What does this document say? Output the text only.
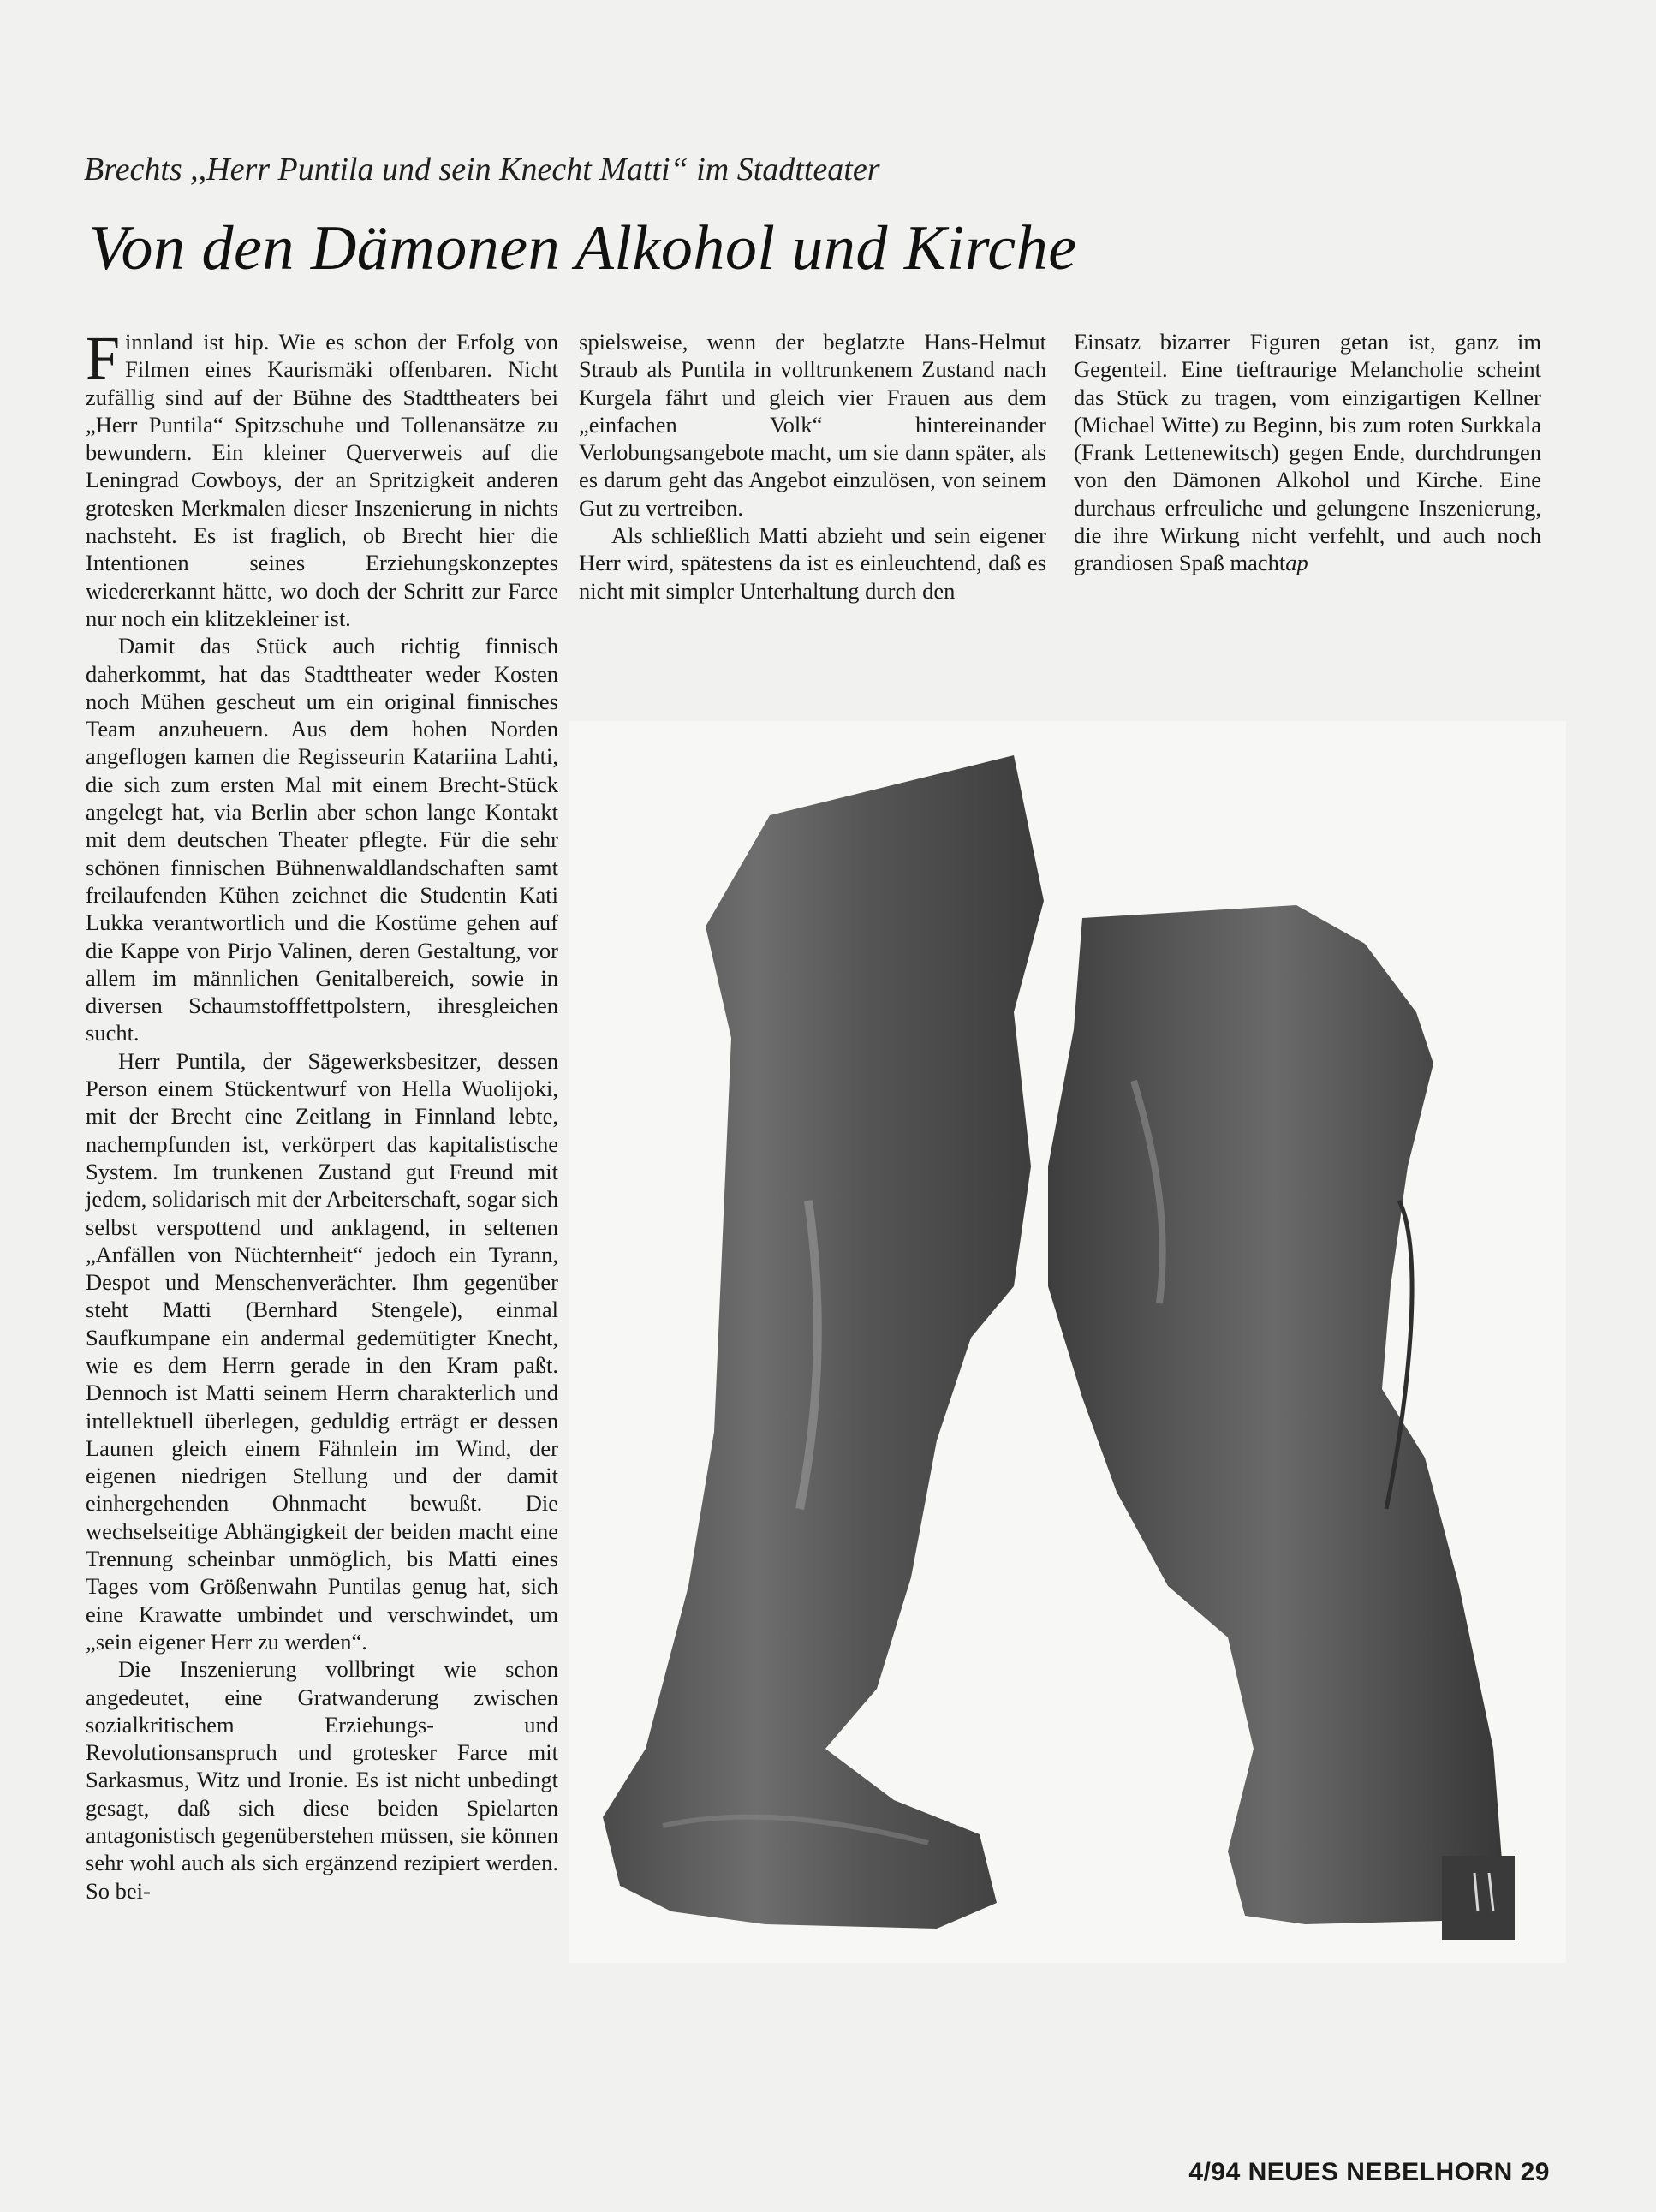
Brechts ,,Herr Puntila und sein Knecht Matti“ im Stadtteater
Von den Dämonen Alkohol und Kirche

Finnland ist hip. Wie es schon der Erfolg von Filmen eines Kaurismäki offenbaren. Nicht zufällig sind auf der Bühne des Stadttheaters bei „Herr Puntila“ Spitzschuhe und Tollenansätze zu bewundern. Ein kleiner Querverweis auf die Leningrad Cowboys, der an Spritzigkeit anderen grotesken Merkmalen dieser Inszenierung in nichts nachsteht. Es ist fraglich, ob Brecht hier die Intentionen seines Erziehungskonzeptes wiedererkannt hätte, wo doch der Schritt zur Farce nur noch ein klitzekleiner ist.

Damit das Stück auch richtig finnisch daherkommt, hat das Stadttheater weder Kosten noch Mühen gescheut um ein original finnisches Team anzuheuern. Aus dem hohen Norden angeflogen kamen die Regisseurin Katariina Lahti, die sich zum ersten Mal mit einem Brecht-Stück angelegt hat, via Berlin aber schon lange Kontakt mit dem deutschen Theater pflegte. Für die sehr schönen finnischen Bühnenwaldlandschaften samt freilaufenden Kühen zeichnet die Studentin Kati Lukka verantwortlich und die Kostüme gehen auf die Kappe von Pirjo Valinen, deren Gestaltung, vor allem im männlichen Genitalbereich, sowie in diversen Schaumstofffettpolstern, ihresgleichen sucht.

Herr Puntila, der Sägewerksbesitzer, dessen Person einem Stückentwurf von Hella Wuolijoki, mit der Brecht eine Zeitlang in Finnland lebte, nachempfunden ist, verkörpert das kapitalistische System. Im trunkenen Zustand gut Freund mit jedem, solidarisch mit der Arbeiterschaft, sogar sich selbst verspottend und anklagend, in seltenen „Anfällen von Nüchternheit“ jedoch ein Tyrann, Despot und Menschenverächter. Ihm gegenüber steht Matti (Bernhard Stengele), einmal Saufkumpane ein andermal gedemütigter Knecht, wie es dem Herrn gerade in den Kram paßt. Dennoch ist Matti seinem Herrn charakterlich und intellektuell überlegen, geduldig erträgt er dessen Launen gleich einem Fähnlein im Wind, der eigenen niedrigen Stellung und der damit einhergehenden Ohnmacht bewußt. Die wechselseitige Abhängigkeit der beiden macht eine Trennung scheinbar unmöglich, bis Matti eines Tages vom Größenwahn Puntilas genug hat, sich eine Krawatte umbindet und verschwindet, um „sein eigener Herr zu werden“.

Die Inszenierung vollbringt wie schon angedeutet, eine Gratwanderung zwischen sozialkritischem Erziehungs- und Revolutionsanspruch und grotesker Farce mit Sarkasmus, Witz und Ironie. Es ist nicht unbedingt gesagt, daß sich diese beiden Spielarten antagonistisch gegenüberstehen müssen, sie können sehr wohl auch als sich ergänzend rezipiert werden. So bei-

spielsweise, wenn der beglatzte Hans-Helmut Straub als Puntila in volltrunkenem Zustand nach Kurgela fährt und gleich vier Frauen aus dem „einfachen Volk“ hintereinander Verlobungsangebote macht, um sie dann später, als es darum geht das Angebot einzulösen, von seinem Gut zu vertreiben.

Als schließlich Matti abzieht und sein eigener Herr wird, spätestens da ist es einleuchtend, daß es nicht mit simpler Unterhaltung durch den

Einsatz bizarrer Figuren getan ist, ganz im Gegenteil. Eine tieftraurige Melancholie scheint das Stück zu tragen, vom einzigartigen Kellner (Michael Witte) zu Beginn, bis zum roten Surkkala (Frank Lettenewitsch) gegen Ende, durchdrungen von den Dämonen Alkohol und Kirche. Eine durchaus erfreuliche und gelungene Inszenierung, die ihre Wirkung nicht verfehlt, und auch noch grandiosen Spaß machtap

4/94 NEUES NEBELHORN 29
